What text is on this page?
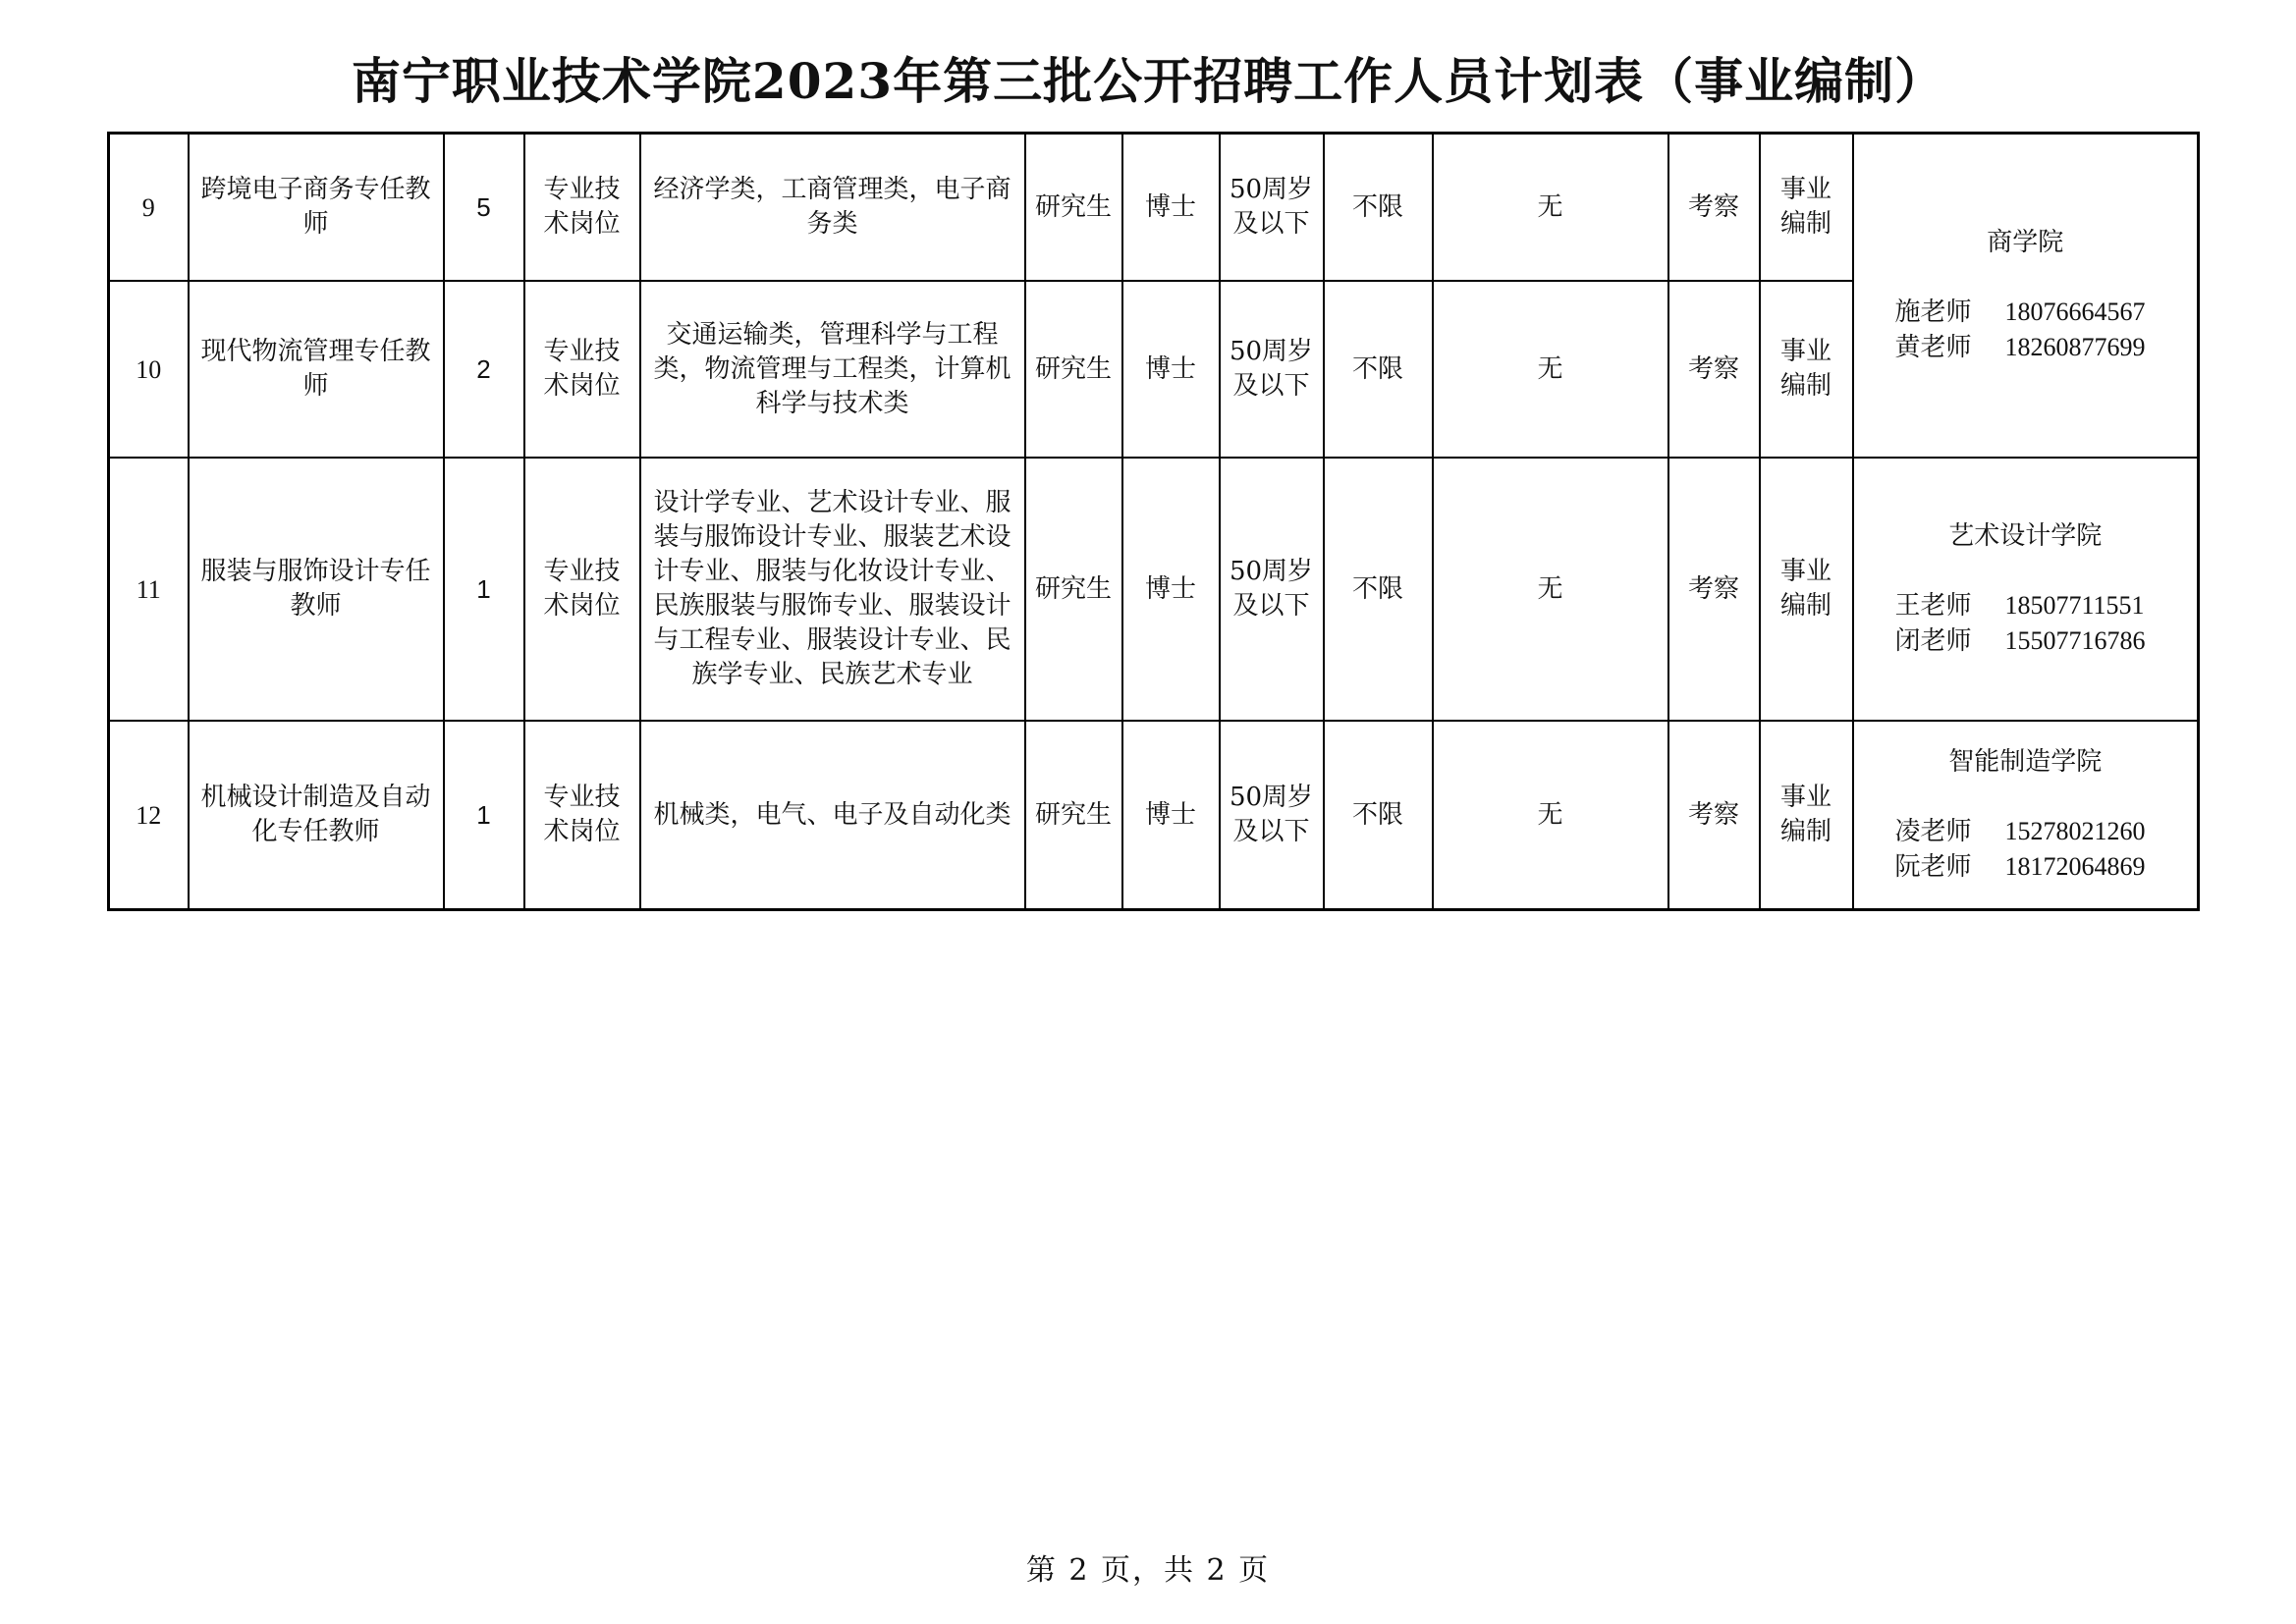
南宁职业技术学院2023年第三批公开招聘工作人员计划表（事业编制）
9	跨境电子商务专任教师	5	专业技术岗位	经济学类，工商管理类，电子商务类	研究生	博士	50周岁及以下	不限	无	考察	事业编制	商学院
施老师 18076664567
黄老师 18260877699

10	现代物流管理专任教师	2	专业技术岗位	交通运输类，管理科学与工程类，物流管理与工程类，计算机科学与技术类	研究生	博士	50周岁及以下	不限	无	考察	事业编制	
11	服装与服饰设计专任教师	1	专业技术岗位	设计学专业、艺术设计专业、服装与服饰设计专业、服装艺术设计专业、服装与化妆设计专业、民族服装与服饰专业、服装设计与工程专业、服装设计专业、民族学专业、民族艺术专业	研究生	博士	50周岁及以下	不限	无	考察	事业编制	艺术设计学院
王老师 18507711551
闭老师 15507716786

12	机械设计制造及自动化专任教师	1	专业技术岗位	机械类，电气、电子及自动化类	研究生	博士	50周岁及以下	不限	无	考察	事业编制	智能制造学院
凌老师 15278021260
阮老师 18172064869
第 2 页，共 2 页
